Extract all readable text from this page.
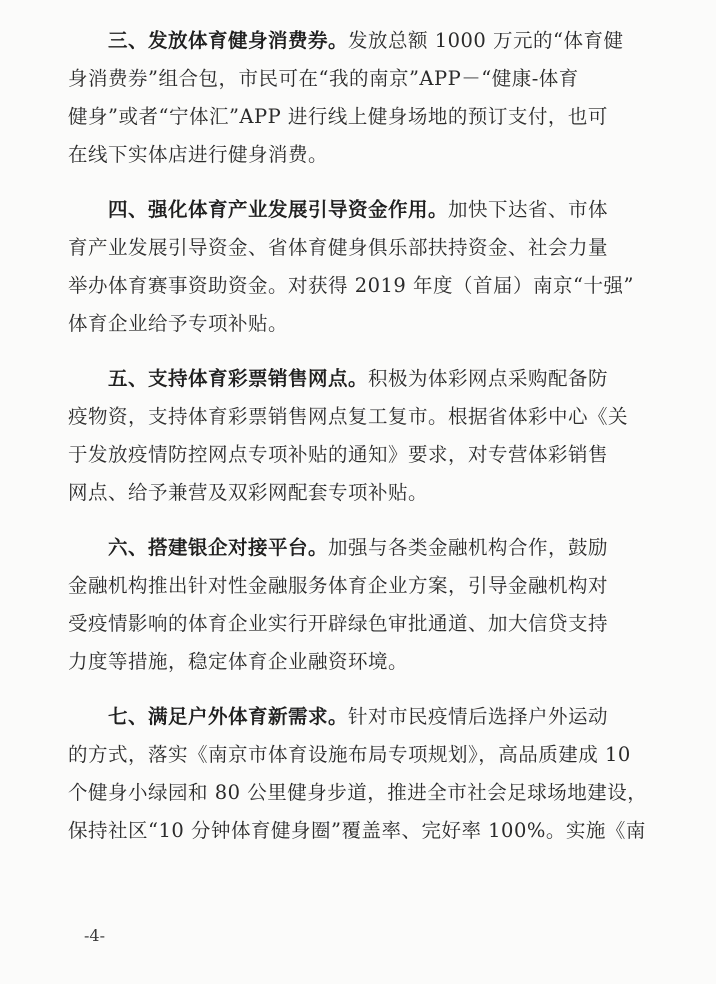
三、发放体育健身消费券。发放总额 1000 万元的“体育健
身消费券”组合包，市民可在“我的南京”APP－“健康-体育
健身”或者“宁体汇”APP 进行线上健身场地的预订支付，也可
在线下实体店进行健身消费。

四、强化体育产业发展引导资金作用。加快下达省、市体
育产业发展引导资金、省体育健身俱乐部扶持资金、社会力量
举办体育赛事资助资金。对获得 2019 年度（首届）南京“十强”
体育企业给予专项补贴。

五、支持体育彩票销售网点。积极为体彩网点采购配备防
疫物资，支持体育彩票销售网点复工复市。根据省体彩中心《关
于发放疫情防控网点专项补贴的通知》要求，对专营体彩销售
网点、给予兼营及双彩网配套专项补贴。

六、搭建银企对接平台。加强与各类金融机构合作，鼓励
金融机构推出针对性金融服务体育企业方案，引导金融机构对
受疫情影响的体育企业实行开辟绿色审批通道、加大信贷支持
力度等措施，稳定体育企业融资环境。

七、满足户外体育新需求。针对市民疫情后选择户外运动
的方式，落实《南京市体育设施布局专项规划》，高品质建成 10
个健身小绿园和 80 公里健身步道，推进全市社会足球场地建设，
保持社区“10 分钟体育健身圈”覆盖率、完好率 100%。实施《南

-4-
